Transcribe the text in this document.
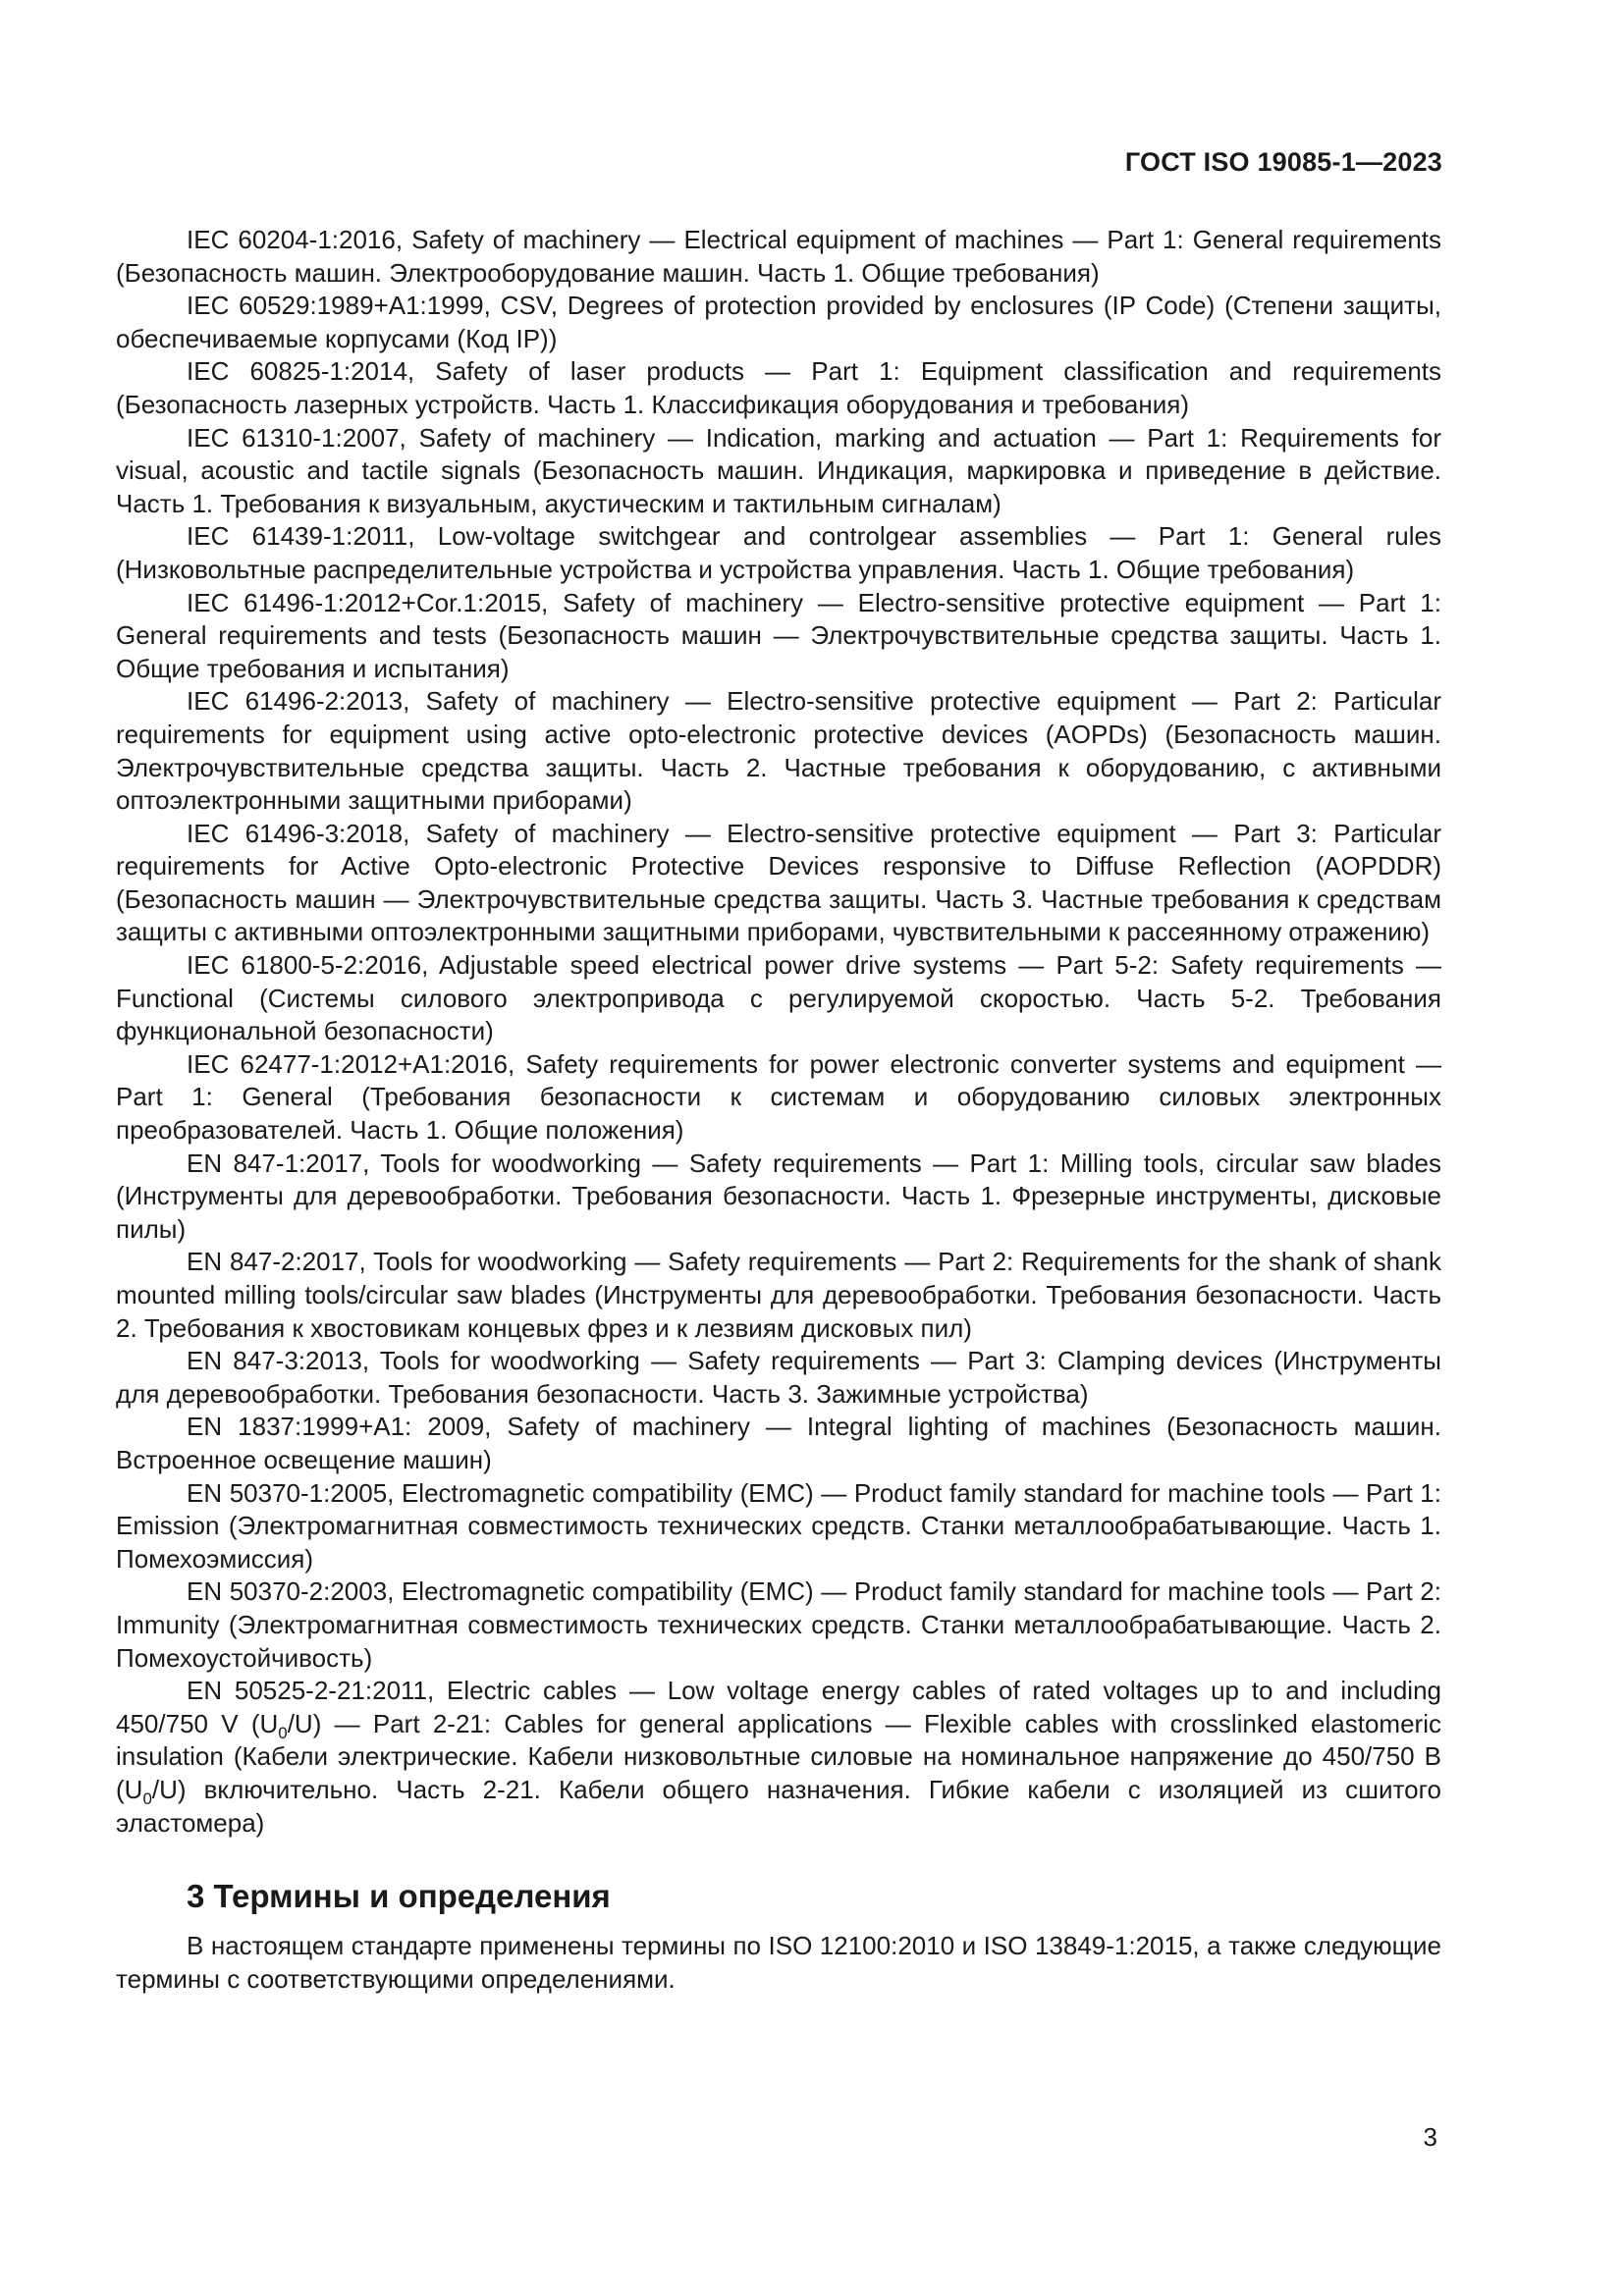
ГОСТ ISO 19085-1—2023

IEC 60204-1:2016, Safety of machinery — Electrical equipment of machines — Part 1: General requirements (Безопасность машин. Электрооборудование машин. Часть 1. Общие требования)

IEC 60529:1989+A1:1999, CSV, Degrees of protection provided by enclosures (IP Code) (Степени защиты, обеспечиваемые корпусами (Код IP))

IEC 60825-1:2014, Safety of laser products — Part 1: Equipment classification and requirements (Безопасность лазерных устройств. Часть 1. Классификация оборудования и требования)

IEC 61310-1:2007, Safety of machinery — Indication, marking and actuation — Part 1: Requirements for visual, acoustic and tactile signals (Безопасность машин. Индикация, маркировка и приведение в действие. Часть 1. Требования к визуальным, акустическим и тактильным сигналам)

IEC 61439-1:2011, Low-voltage switchgear and controlgear assemblies — Part 1: General rules (Низковольтные распределительные устройства и устройства управления. Часть 1. Общие требования)

IEC 61496-1:2012+Cor.1:2015, Safety of machinery — Electro-sensitive protective equipment — Part 1: General requirements and tests (Безопасность машин — Электрочувствительные средства защиты. Часть 1. Общие требования и испытания)

IEC 61496-2:2013, Safety of machinery — Electro-sensitive protective equipment — Part 2: Particular requirements for equipment using active opto-electronic protective devices (AOPDs) (Безопасность машин. Электрочувствительные средства защиты. Часть 2. Частные требования к оборудованию, с активными оптоэлектронными защитными приборами)

IEC 61496-3:2018, Safety of machinery — Electro-sensitive protective equipment — Part 3: Particular requirements for Active Opto-electronic Protective Devices responsive to Diffuse Reflection (AOPDDR) (Безопасность машин — Электрочувствительные средства защиты. Часть 3. Частные требования к средствам защиты с активными оптоэлектронными защитными приборами, чувствительными к рассеянному отражению)

IEC 61800-5-2:2016, Adjustable speed electrical power drive systems — Part 5-2: Safety requirements — Functional (Системы силового электропривода с регулируемой скоростью. Часть 5-2. Требования функциональной безопасности)

IEC 62477-1:2012+A1:2016, Safety requirements for power electronic converter systems and equipment — Part 1: General (Требования безопасности к системам и оборудованию силовых электронных преобразователей. Часть 1. Общие положения)

EN 847-1:2017, Tools for woodworking — Safety requirements — Part 1: Milling tools, circular saw blades (Инструменты для деревообработки. Требования безопасности. Часть 1. Фрезерные инструменты, дисковые пилы)

EN 847-2:2017, Tools for woodworking — Safety requirements — Part 2: Requirements for the shank of shank mounted milling tools/circular saw blades (Инструменты для деревообработки. Требования безопасности. Часть 2. Требования к хвостовикам концевых фрез и к лезвиям дисковых пил)

EN 847-3:2013, Tools for woodworking — Safety requirements — Part 3: Clamping devices (Инструменты для деревообработки. Требования безопасности. Часть 3. Зажимные устройства)

EN 1837:1999+A1: 2009, Safety of machinery — Integral lighting of machines (Безопасность машин. Встроенное освещение машин)

EN 50370-1:2005, Electromagnetic compatibility (EMC) — Product family standard for machine tools — Part 1: Emission (Электромагнитная совместимость технических средств. Станки металлообрабатывающие. Часть 1. Помехоэмиссия)

EN 50370-2:2003, Electromagnetic compatibility (EMC) — Product family standard for machine tools — Part 2: Immunity (Электромагнитная совместимость технических средств. Станки металлообрабатывающие. Часть 2. Помехоустойчивость)

EN 50525-2-21:2011, Electric cables — Low voltage energy cables of rated voltages up to and including 450/750 V $(U_0/U)$ — Part 2-21: Cables for general applications — Flexible cables with crosslinked elastomeric insulation (Кабели электрические. Кабели низковольтные силовые на номинальное напряжение до 450/750 В $(U_0/U)$ включительно. Часть 2-21. Кабели общего назначения. Гибкие кабели с изоляцией из сшитого эластомера)

3 Термины и определения

В настоящем стандарте применены термины по ISO 12100:2010 и ISO 13849-1:2015, а также следующие термины с соответствующими определениями.

3
